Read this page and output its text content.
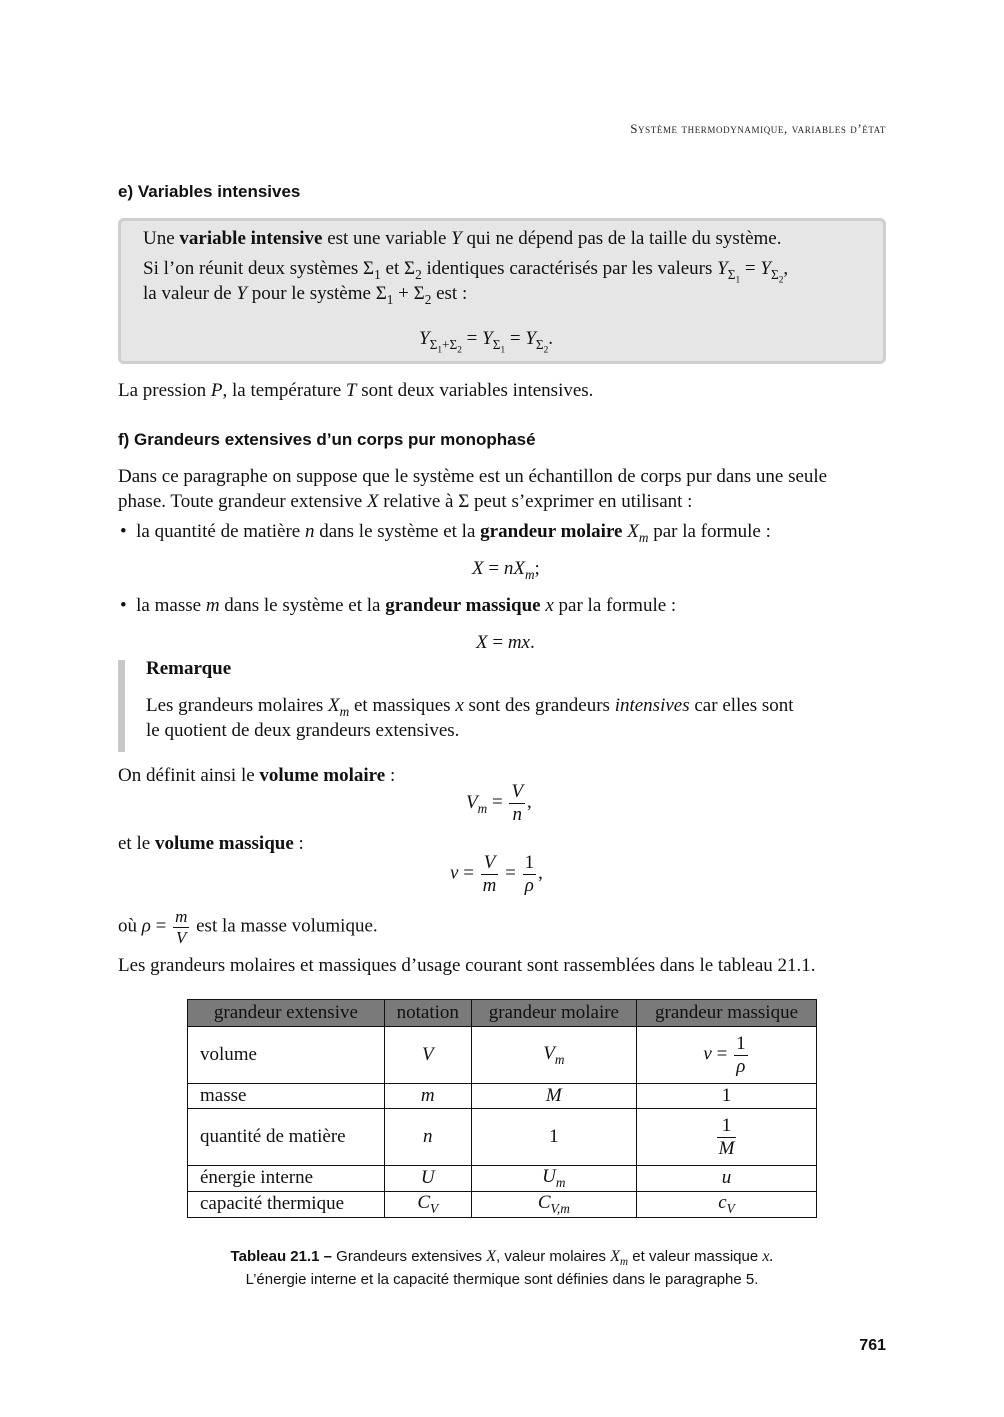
Système thermodynamique, variables d’état
e) Variables intensives
Une variable intensive est une variable Y qui ne dépend pas de la taille du système.
Si l’on réunit deux systèmes $\Sigma_1$ et $\Sigma_2$ identiques caractérisés par les valeurs $Y_{\Sigma_1} = Y_{\Sigma_2}$,
la valeur de Y pour le système $\Sigma_1 + \Sigma_2$ est :
$Y_{\Sigma_1+\Sigma_2} = Y_{\Sigma_1} = Y_{\Sigma_2}$.
La pression P, la température T sont deux variables intensives.
f) Grandeurs extensives d’un corps pur monophasé
Dans ce paragraphe on suppose que le système est un échantillon de corps pur dans une seule
phase. Toute grandeur extensive X relative à Σ peut s’exprimer en utilisant :
•  la quantité de matière n dans le système et la grandeur molaire $X_m$ par la formule :
$X = nX_m$;
•  la masse m dans le système et la grandeur massique x par la formule :
X = mx.
Remarque
Les grandeurs molaires $X_m$ et massiques x sont des grandeurs intensives car elles sont
le quotient de deux grandeurs extensives.
On définit ainsi le volume molaire :
$V_m = \frac{V}{n}$ ,
et le volume massique :
$v = \frac{V}{m} = \frac{1}{\rho}$ ,
où $\rho = \frac{m}{V}$ est la masse volumique.
Les grandeurs molaires et massiques d’usage courant sont rassemblées dans le tableau 21.1.
grandeur extensive	notation	grandeur molaire	grandeur massique
volume	V	$V_m$	$v = \frac{1}{\rho}$

masse	m	M	1
quantité de matière	n	1	$\frac{1}{M}$

énergie interne	U	$U_m$	u
capacité thermique	$C_V$	$C_{V,m}$	$c_V$
Tableau 21.1 – Grandeurs extensives X, valeur molaires $X_m$ et valeur massique x.
L’énergie interne et la capacité thermique sont définies dans le paragraphe 5.
761
